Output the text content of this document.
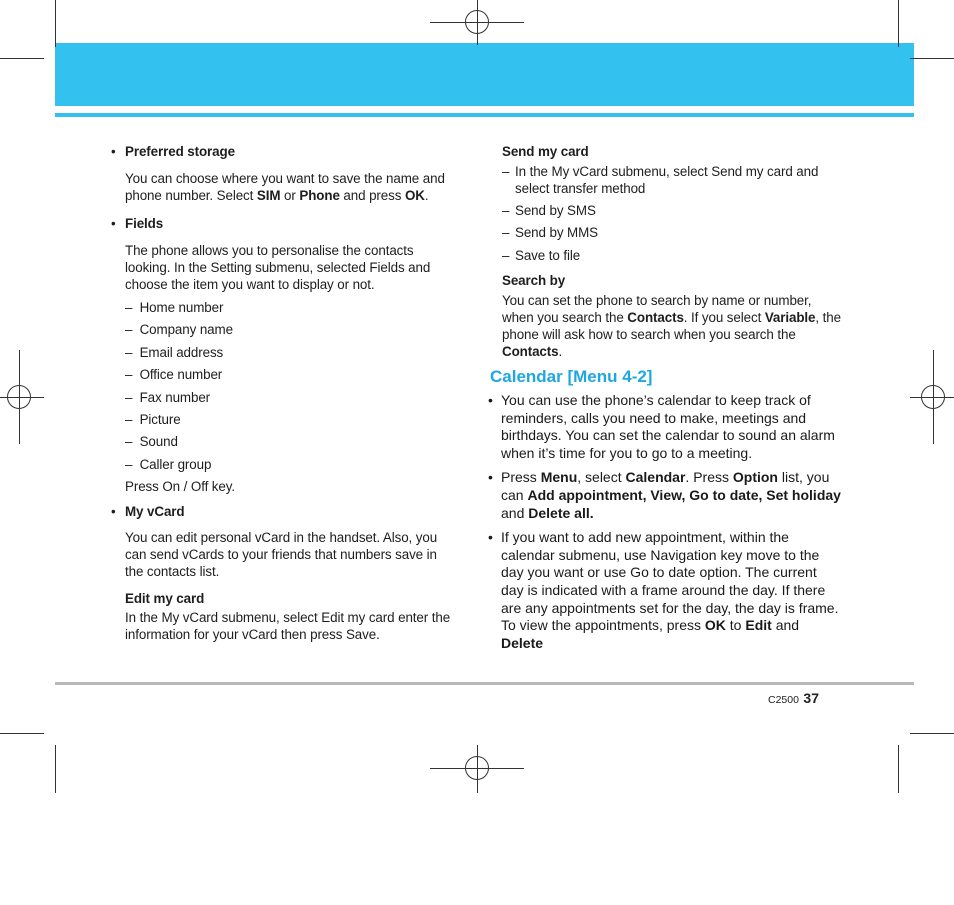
• Preferred storage
You can choose where you want to save the name and phone number. Select SIM or Phone and press OK.
• Fields
The phone allows you to personalise the contacts looking. In the Setting submenu, selected Fields and choose the item you want to display or not.
–  Home number
–  Company name
–  Email address
–  Office number
–  Fax number
–  Picture
–  Sound
–  Caller group
Press On / Off key.
• My vCard
You can edit personal vCard in the handset. Also, you can send vCards to your friends that numbers save in the contacts list.
Edit my card
In the My vCard submenu, select Edit my card enter the information for your vCard then press Save.
Send my card
– In the My vCard submenu, select Send my card and select transfer method
– Send by SMS
– Send by MMS
– Save to file
Search by
You can set the phone to search by name or number, when you search the Contacts. If you select Variable, the phone will ask how to search when you search the Contacts.
Calendar [Menu 4-2]
• You can use the phone’s calendar to keep track of reminders, calls you need to make, meetings and birthdays. You can set the calendar to sound an alarm when it’s time for you to go to a meeting.
• Press Menu, select Calendar. Press Option list, you can Add appointment, View, Go to date, Set holiday and Delete all.
• If you want to add new appointment, within the calendar submenu, use Navigation key move to the day you want or use Go to date option. The current day is indicated with a frame around the day. If there are any appointments set for the day, the day is frame. To view the appointments, press OK to Edit and Delete
C2500 37
